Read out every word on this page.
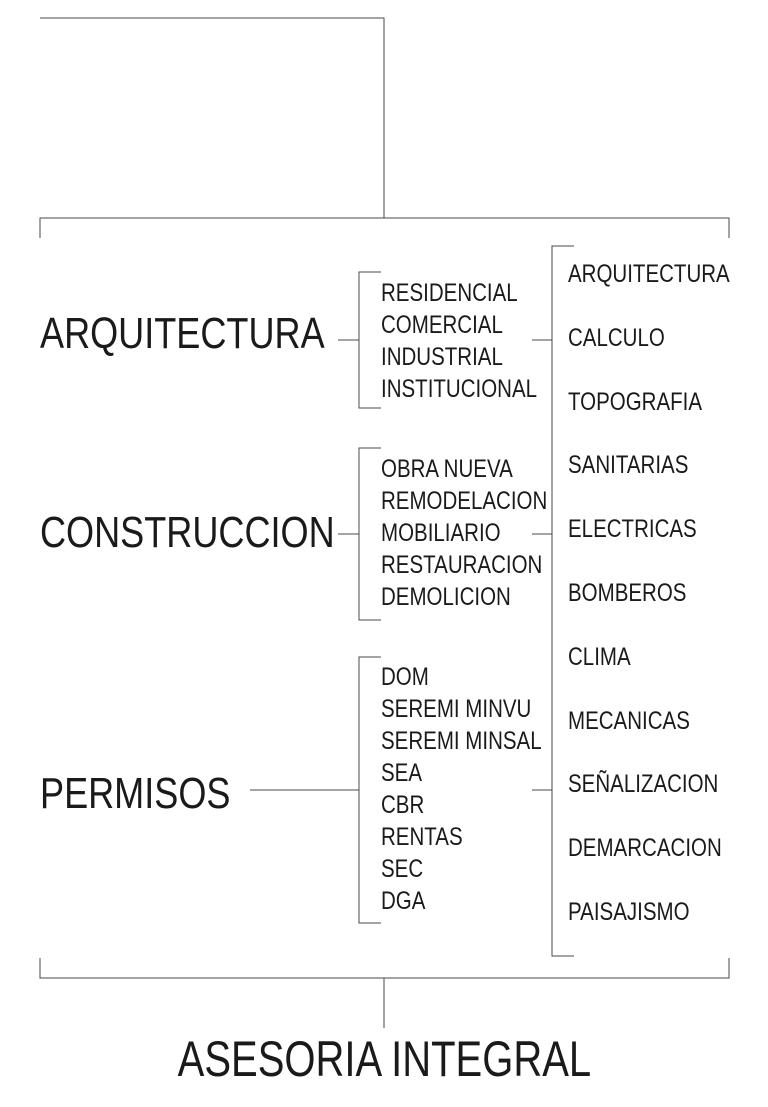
ARQUITECTURA
CONSTRUCCION
PERMISOS
RESIDENCIAL
COMERCIAL
INDUSTRIAL
INSTITUCIONAL
OBRA NUEVA
REMODELACION
MOBILIARIO
RESTAURACION
DEMOLICION
DOM
SEREMI MINVU
SEREMI MINSAL
SEA
CBR
RENTAS
SEC
DGA
ARQUITECTURA
CALCULO
TOPOGRAFIA
SANITARIAS
ELECTRICAS
BOMBEROS
CLIMA
MECANICAS
SEÑALIZACION
DEMARCACION
PAISAJISMO
ASESORIA INTEGRAL
